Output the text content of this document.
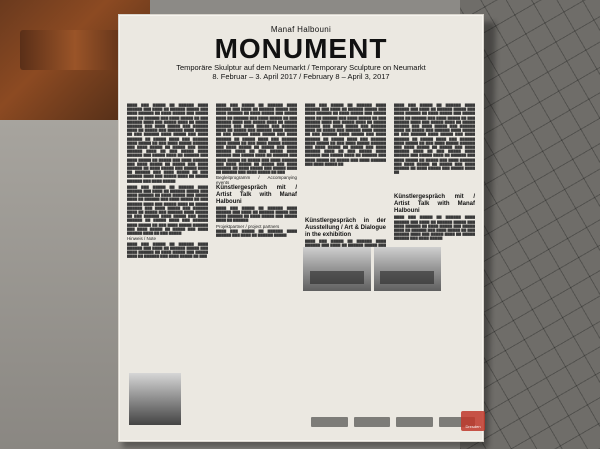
Manaf Halbouni
MONUMENT
Temporäre Skulptur auf dem Neumarkt / Temporary Sculpture on Neumarkt
8. Februar – 3. April 2017 / February 8 – April 3, 2017

▇▇▇▇ ▇▇▇ ▇▇▇▇▇ ▇▇ ▇▇▇▇▇▇ ▇▇▇▇ ▇▇▇▇▇▇ ▇▇▇ ▇▇▇▇ ▇▇ ▇▇▇▇▇▇ ▇▇▇▇▇ ▇▇▇ ▇▇▇▇ ▇▇▇▇▇▇ ▇▇ ▇▇▇▇ ▇▇▇▇▇ ▇▇▇ ▇▇▇▇▇ ▇▇▇▇ ▇▇ ▇▇▇▇▇▇ ▇▇▇ ▇▇▇▇ ▇▇▇▇▇ ▇▇ ▇▇▇ ▇▇▇▇▇▇ ▇▇▇▇ ▇▇▇ ▇▇▇▇▇ ▇▇▇▇ ▇▇ ▇▇▇▇▇ ▇▇▇▇▇▇ ▇▇▇ ▇▇▇▇ ▇▇▇▇▇ ▇▇▇ ▇▇▇▇▇▇ ▇▇▇▇ ▇▇ ▇▇▇▇▇ ▇▇▇ ▇▇▇▇▇▇ ▇▇▇▇ ▇▇▇▇▇ ▇▇ ▇▇▇ ▇▇▇▇▇▇ ▇▇▇▇ ▇▇▇▇▇ ▇▇▇ ▇▇▇▇ ▇▇▇▇▇▇ ▇▇ ▇▇▇▇▇ ▇▇▇▇ ▇▇▇ ▇▇▇▇▇▇ ▇▇▇▇ ▇▇▇▇▇ ▇▇ ▇▇▇ ▇▇▇▇ ▇▇▇▇▇ ▇▇▇▇▇▇ ▇▇▇ ▇▇▇▇ ▇▇▇▇▇ ▇▇ ▇▇▇▇▇ ▇▇▇ ▇▇▇▇ ▇▇▇▇▇▇ ▇▇▇▇ ▇▇ ▇▇▇ ▇▇▇▇▇ ▇▇▇▇ ▇▇▇▇▇▇ ▇▇▇ ▇▇▇▇▇ ▇▇▇▇ ▇▇ ▇▇▇▇▇▇ ▇▇▇ ▇▇▇▇ ▇▇▇▇▇ ▇▇ ▇▇▇▇▇ ▇▇▇ ▇▇▇▇ ▇▇▇▇▇▇ ▇▇▇ ▇▇▇▇ ▇▇▇▇▇ ▇▇ ▇▇▇▇▇ ▇▇▇ ▇▇▇▇ ▇▇▇▇▇▇ ▇▇ ▇▇▇▇ ▇▇▇▇▇ ▇▇▇ ▇▇▇▇▇ ▇▇▇▇ ▇▇ ▇▇▇▇▇▇ ▇▇▇ ▇▇▇▇ ▇▇▇▇▇ ▇▇ ▇▇▇ ▇▇▇▇▇▇ ▇▇▇▇ ▇▇▇ ▇▇▇▇▇ ▇▇▇▇ ▇▇ ▇▇▇▇▇ ▇▇▇▇▇▇ ▇▇▇ ▇▇▇▇ ▇▇▇▇▇

▇▇▇▇ ▇▇▇ ▇▇▇▇▇ ▇▇ ▇▇▇▇▇▇ ▇▇▇▇ ▇▇▇▇▇▇ ▇▇▇ ▇▇▇▇ ▇▇ ▇▇▇▇▇▇ ▇▇▇▇▇ ▇▇▇ ▇▇▇▇ ▇▇▇▇▇▇ ▇▇ ▇▇▇▇ ▇▇▇▇▇ ▇▇▇ ▇▇▇▇▇ ▇▇▇▇ ▇▇ ▇▇▇▇▇▇ ▇▇▇ ▇▇▇▇ ▇▇▇▇▇ ▇▇ ▇▇▇ ▇▇▇▇▇▇ ▇▇▇▇ ▇▇▇ ▇▇▇▇▇ ▇▇▇▇ ▇▇ ▇▇▇▇▇ ▇▇▇▇▇▇ ▇▇▇ ▇▇▇▇ ▇▇▇▇▇ ▇▇▇ ▇▇▇▇▇▇ ▇▇▇▇ ▇▇ ▇▇▇▇▇ ▇▇▇ ▇▇▇▇▇▇ ▇▇▇▇ ▇▇▇▇▇ ▇▇ ▇▇▇ ▇▇▇▇▇▇ ▇▇▇▇ ▇▇▇▇▇ ▇▇▇ ▇▇▇▇ ▇▇▇▇▇▇ ▇▇ ▇▇▇▇▇ ▇▇▇▇ ▇▇▇ ▇▇▇▇▇▇ ▇▇▇▇ ▇▇▇▇▇ ▇▇ ▇▇▇ ▇▇▇▇ ▇▇▇▇▇ ▇▇▇▇▇▇ ▇▇▇ ▇▇▇▇ ▇▇▇▇▇ ▇▇ ▇▇▇▇▇ ▇▇▇ ▇▇▇▇ ▇▇▇▇▇▇ ▇▇▇▇ ▇▇ ▇▇▇ ▇▇▇▇▇

Hinweis / Note

▇▇▇▇ ▇▇▇ ▇▇▇▇▇ ▇▇ ▇▇▇▇▇▇ ▇▇▇▇ ▇▇▇▇▇▇ ▇▇▇ ▇▇▇▇ ▇▇ ▇▇▇▇▇▇ ▇▇▇▇▇ ▇▇▇ ▇▇▇▇ ▇▇▇▇▇▇ ▇▇ ▇▇▇▇ ▇▇▇▇▇ ▇▇▇ ▇▇▇▇▇ ▇▇▇▇ ▇▇ ▇▇▇▇▇▇ ▇▇▇ ▇▇▇▇ ▇▇▇▇▇ ▇▇ ▇▇▇

▇▇▇▇ ▇▇▇ ▇▇▇▇▇ ▇▇ ▇▇▇▇▇▇ ▇▇▇▇ ▇▇▇▇▇▇ ▇▇▇ ▇▇▇▇ ▇▇ ▇▇▇▇▇▇ ▇▇▇▇▇ ▇▇▇ ▇▇▇▇ ▇▇▇▇▇▇ ▇▇ ▇▇▇▇ ▇▇▇▇▇ ▇▇▇ ▇▇▇▇▇ ▇▇▇▇ ▇▇ ▇▇▇▇▇▇ ▇▇▇ ▇▇▇▇ ▇▇▇▇▇ ▇▇ ▇▇▇ ▇▇▇▇▇▇ ▇▇▇▇ ▇▇▇ ▇▇▇▇▇ ▇▇▇▇ ▇▇ ▇▇▇▇▇ ▇▇▇▇▇▇ ▇▇▇ ▇▇▇▇ ▇▇▇▇▇ ▇▇▇ ▇▇▇▇▇▇ ▇▇▇▇ ▇▇ ▇▇▇▇▇ ▇▇▇ ▇▇▇▇▇▇ ▇▇▇▇ ▇▇▇▇▇ ▇▇ ▇▇▇ ▇▇▇▇▇▇ ▇▇▇▇ ▇▇▇▇▇ ▇▇▇ ▇▇▇▇ ▇▇▇▇▇▇ ▇▇ ▇▇▇▇▇ ▇▇▇▇ ▇▇▇ ▇▇▇▇▇▇ ▇▇▇▇ ▇▇▇▇▇ ▇▇ ▇▇▇ ▇▇▇▇ ▇▇▇▇▇ ▇▇▇▇▇▇ ▇▇▇ ▇▇▇▇ ▇▇▇▇▇ ▇▇ ▇▇▇▇▇ ▇▇▇ ▇▇▇▇ ▇▇▇▇▇▇ ▇▇▇▇ ▇▇ ▇▇▇ ▇▇▇▇▇ ▇▇▇▇ ▇▇▇▇▇▇ ▇▇▇ ▇▇▇▇▇ ▇▇▇▇ ▇▇ ▇▇▇▇▇▇ ▇▇▇ ▇▇▇▇ ▇▇▇▇▇ ▇▇ ▇▇▇▇▇ ▇▇▇ ▇▇▇▇ ▇▇▇▇▇▇ ▇▇▇ ▇▇▇▇ ▇▇▇▇▇ ▇▇ ▇▇▇▇▇ ▇▇▇ ▇▇▇▇ ▇▇▇▇▇▇ ▇▇ ▇▇▇▇ ▇▇▇▇▇ ▇▇▇ ▇▇▇▇▇ ▇▇▇▇ ▇▇ ▇▇▇▇▇▇ ▇▇▇ ▇▇▇▇ ▇▇▇▇▇ ▇▇ ▇▇▇

Begleitprogramm / Accompanying events
Künstlergespräch mit / Artist Talk with Manaf Halbouni

▇▇▇▇ ▇▇▇ ▇▇▇▇▇ ▇▇ ▇▇▇▇▇▇ ▇▇▇▇ ▇▇▇▇▇▇ ▇▇▇ ▇▇▇▇ ▇▇ ▇▇▇▇▇▇ ▇▇▇▇▇ ▇▇▇ ▇▇▇▇ ▇▇▇▇▇▇ ▇▇ ▇▇▇▇ ▇▇▇▇▇ ▇▇▇ ▇▇▇▇▇ ▇▇▇▇ ▇▇ ▇▇▇▇▇▇

Projektpartner / project partners

▇▇▇▇ ▇▇▇ ▇▇▇▇▇ ▇▇ ▇▇▇▇▇▇ ▇▇▇▇ ▇▇▇▇▇▇ ▇▇▇ ▇▇▇▇ ▇▇ ▇▇▇▇▇▇ ▇▇▇▇▇

▇▇▇▇ ▇▇▇ ▇▇▇▇▇ ▇▇ ▇▇▇▇▇▇ ▇▇▇▇ ▇▇▇▇▇▇ ▇▇▇ ▇▇▇▇ ▇▇ ▇▇▇▇▇▇ ▇▇▇▇▇ ▇▇▇ ▇▇▇▇ ▇▇▇▇▇▇ ▇▇ ▇▇▇▇ ▇▇▇▇▇ ▇▇▇ ▇▇▇▇▇ ▇▇▇▇ ▇▇ ▇▇▇▇▇▇ ▇▇▇ ▇▇▇▇ ▇▇▇▇▇ ▇▇ ▇▇▇ ▇▇▇▇▇▇ ▇▇▇▇ ▇▇▇ ▇▇▇▇▇ ▇▇▇▇ ▇▇ ▇▇▇▇▇ ▇▇▇▇▇▇ ▇▇▇ ▇▇▇▇ ▇▇▇▇▇ ▇▇▇ ▇▇▇▇▇▇ ▇▇▇▇ ▇▇ ▇▇▇▇▇ ▇▇▇ ▇▇▇▇▇▇ ▇▇▇▇ ▇▇▇▇▇ ▇▇ ▇▇▇ ▇▇▇▇▇▇ ▇▇▇▇ ▇▇▇▇▇ ▇▇▇ ▇▇▇▇ ▇▇▇▇▇▇ ▇▇ ▇▇▇▇▇ ▇▇▇▇ ▇▇▇ ▇▇▇▇▇▇ ▇▇▇▇ ▇▇▇▇▇ ▇▇ ▇▇▇ ▇▇▇▇ ▇▇▇▇▇ ▇▇▇▇▇▇ ▇▇▇ ▇▇▇▇ ▇▇▇▇▇ ▇▇ ▇▇▇▇▇ ▇▇▇ ▇▇▇▇ ▇▇▇▇▇▇ ▇▇▇▇ ▇▇ ▇▇▇ ▇▇▇▇▇ ▇▇▇▇ ▇▇▇▇▇▇ ▇▇▇ ▇▇▇▇▇ ▇▇▇▇ ▇▇ ▇▇▇▇▇▇ ▇▇▇ ▇▇▇▇ ▇▇▇▇▇ ▇▇ ▇▇▇▇▇ ▇▇▇ ▇▇▇▇ ▇▇▇▇▇▇ ▇▇▇ ▇▇▇▇ ▇▇▇▇▇ ▇▇

Künstlergespräch in der Ausstellung / Art & Dialogue in the exhibition

▇▇▇▇ ▇▇▇ ▇▇▇▇▇ ▇▇ ▇▇▇▇▇▇ ▇▇▇▇ ▇▇▇▇▇▇ ▇▇▇ ▇▇▇▇ ▇▇ ▇▇▇▇▇▇ ▇▇▇▇▇ ▇▇▇

▇▇▇▇ ▇▇▇ ▇▇▇▇▇ ▇▇ ▇▇▇▇▇▇ ▇▇▇▇ ▇▇▇▇▇▇ ▇▇▇ ▇▇▇▇ ▇▇ ▇▇▇▇▇▇ ▇▇▇▇▇ ▇▇▇ ▇▇▇▇ ▇▇▇▇▇▇ ▇▇ ▇▇▇▇ ▇▇▇▇▇ ▇▇▇ ▇▇▇▇▇ ▇▇▇▇ ▇▇ ▇▇▇▇▇▇ ▇▇▇ ▇▇▇▇ ▇▇▇▇▇ ▇▇ ▇▇▇ ▇▇▇▇▇▇ ▇▇▇▇ ▇▇▇ ▇▇▇▇▇ ▇▇▇▇ ▇▇ ▇▇▇▇▇ ▇▇▇▇▇▇ ▇▇▇ ▇▇▇▇ ▇▇▇▇▇ ▇▇▇ ▇▇▇▇▇▇ ▇▇▇▇ ▇▇ ▇▇▇▇▇ ▇▇▇ ▇▇▇▇▇▇ ▇▇▇▇ ▇▇▇▇▇ ▇▇ ▇▇▇ ▇▇▇▇▇▇ ▇▇▇▇ ▇▇▇▇▇ ▇▇▇ ▇▇▇▇ ▇▇▇▇▇▇ ▇▇ ▇▇▇▇▇ ▇▇▇▇ ▇▇▇ ▇▇▇▇▇▇ ▇▇▇▇ ▇▇▇▇▇ ▇▇ ▇▇▇ ▇▇▇▇ ▇▇▇▇▇ ▇▇▇▇▇▇ ▇▇▇ ▇▇▇▇ ▇▇▇▇▇ ▇▇ ▇▇▇▇▇ ▇▇▇ ▇▇▇▇ ▇▇▇▇▇▇ ▇▇▇▇ ▇▇ ▇▇▇ ▇▇▇▇▇ ▇▇▇▇ ▇▇▇▇▇▇ ▇▇▇ ▇▇▇▇▇ ▇▇▇▇ ▇▇ ▇▇▇▇▇▇ ▇▇▇ ▇▇▇▇ ▇▇▇▇▇ ▇▇ ▇▇▇▇▇ ▇▇▇ ▇▇▇▇ ▇▇▇▇▇▇ ▇▇▇ ▇▇▇▇ ▇▇▇▇▇ ▇▇ ▇▇▇▇▇ ▇▇▇ ▇▇▇▇ ▇▇▇▇▇▇ ▇▇ ▇▇▇▇ ▇▇▇▇▇ ▇▇▇ ▇▇▇▇▇ ▇▇▇▇ ▇▇

Künstlergespräch mit / Artist Talk with Manaf Halbouni

▇▇▇▇ ▇▇▇ ▇▇▇▇▇ ▇▇ ▇▇▇▇▇▇ ▇▇▇▇ ▇▇▇▇▇▇ ▇▇▇ ▇▇▇▇ ▇▇ ▇▇▇▇▇▇ ▇▇▇▇▇ ▇▇▇ ▇▇▇▇ ▇▇▇▇▇▇ ▇▇ ▇▇▇▇ ▇▇▇▇▇ ▇▇▇ ▇▇▇▇▇ ▇▇▇▇ ▇▇ ▇▇▇▇▇▇ ▇▇▇ ▇▇▇▇ ▇▇▇▇▇ ▇▇ ▇▇▇ ▇▇▇▇▇▇ ▇▇▇▇ ▇▇▇ ▇▇▇▇▇ ▇▇▇▇ ▇▇ ▇▇▇▇▇ ▇▇▇▇▇▇ ▇▇▇ ▇▇▇▇ ▇▇▇▇▇

Dresden
